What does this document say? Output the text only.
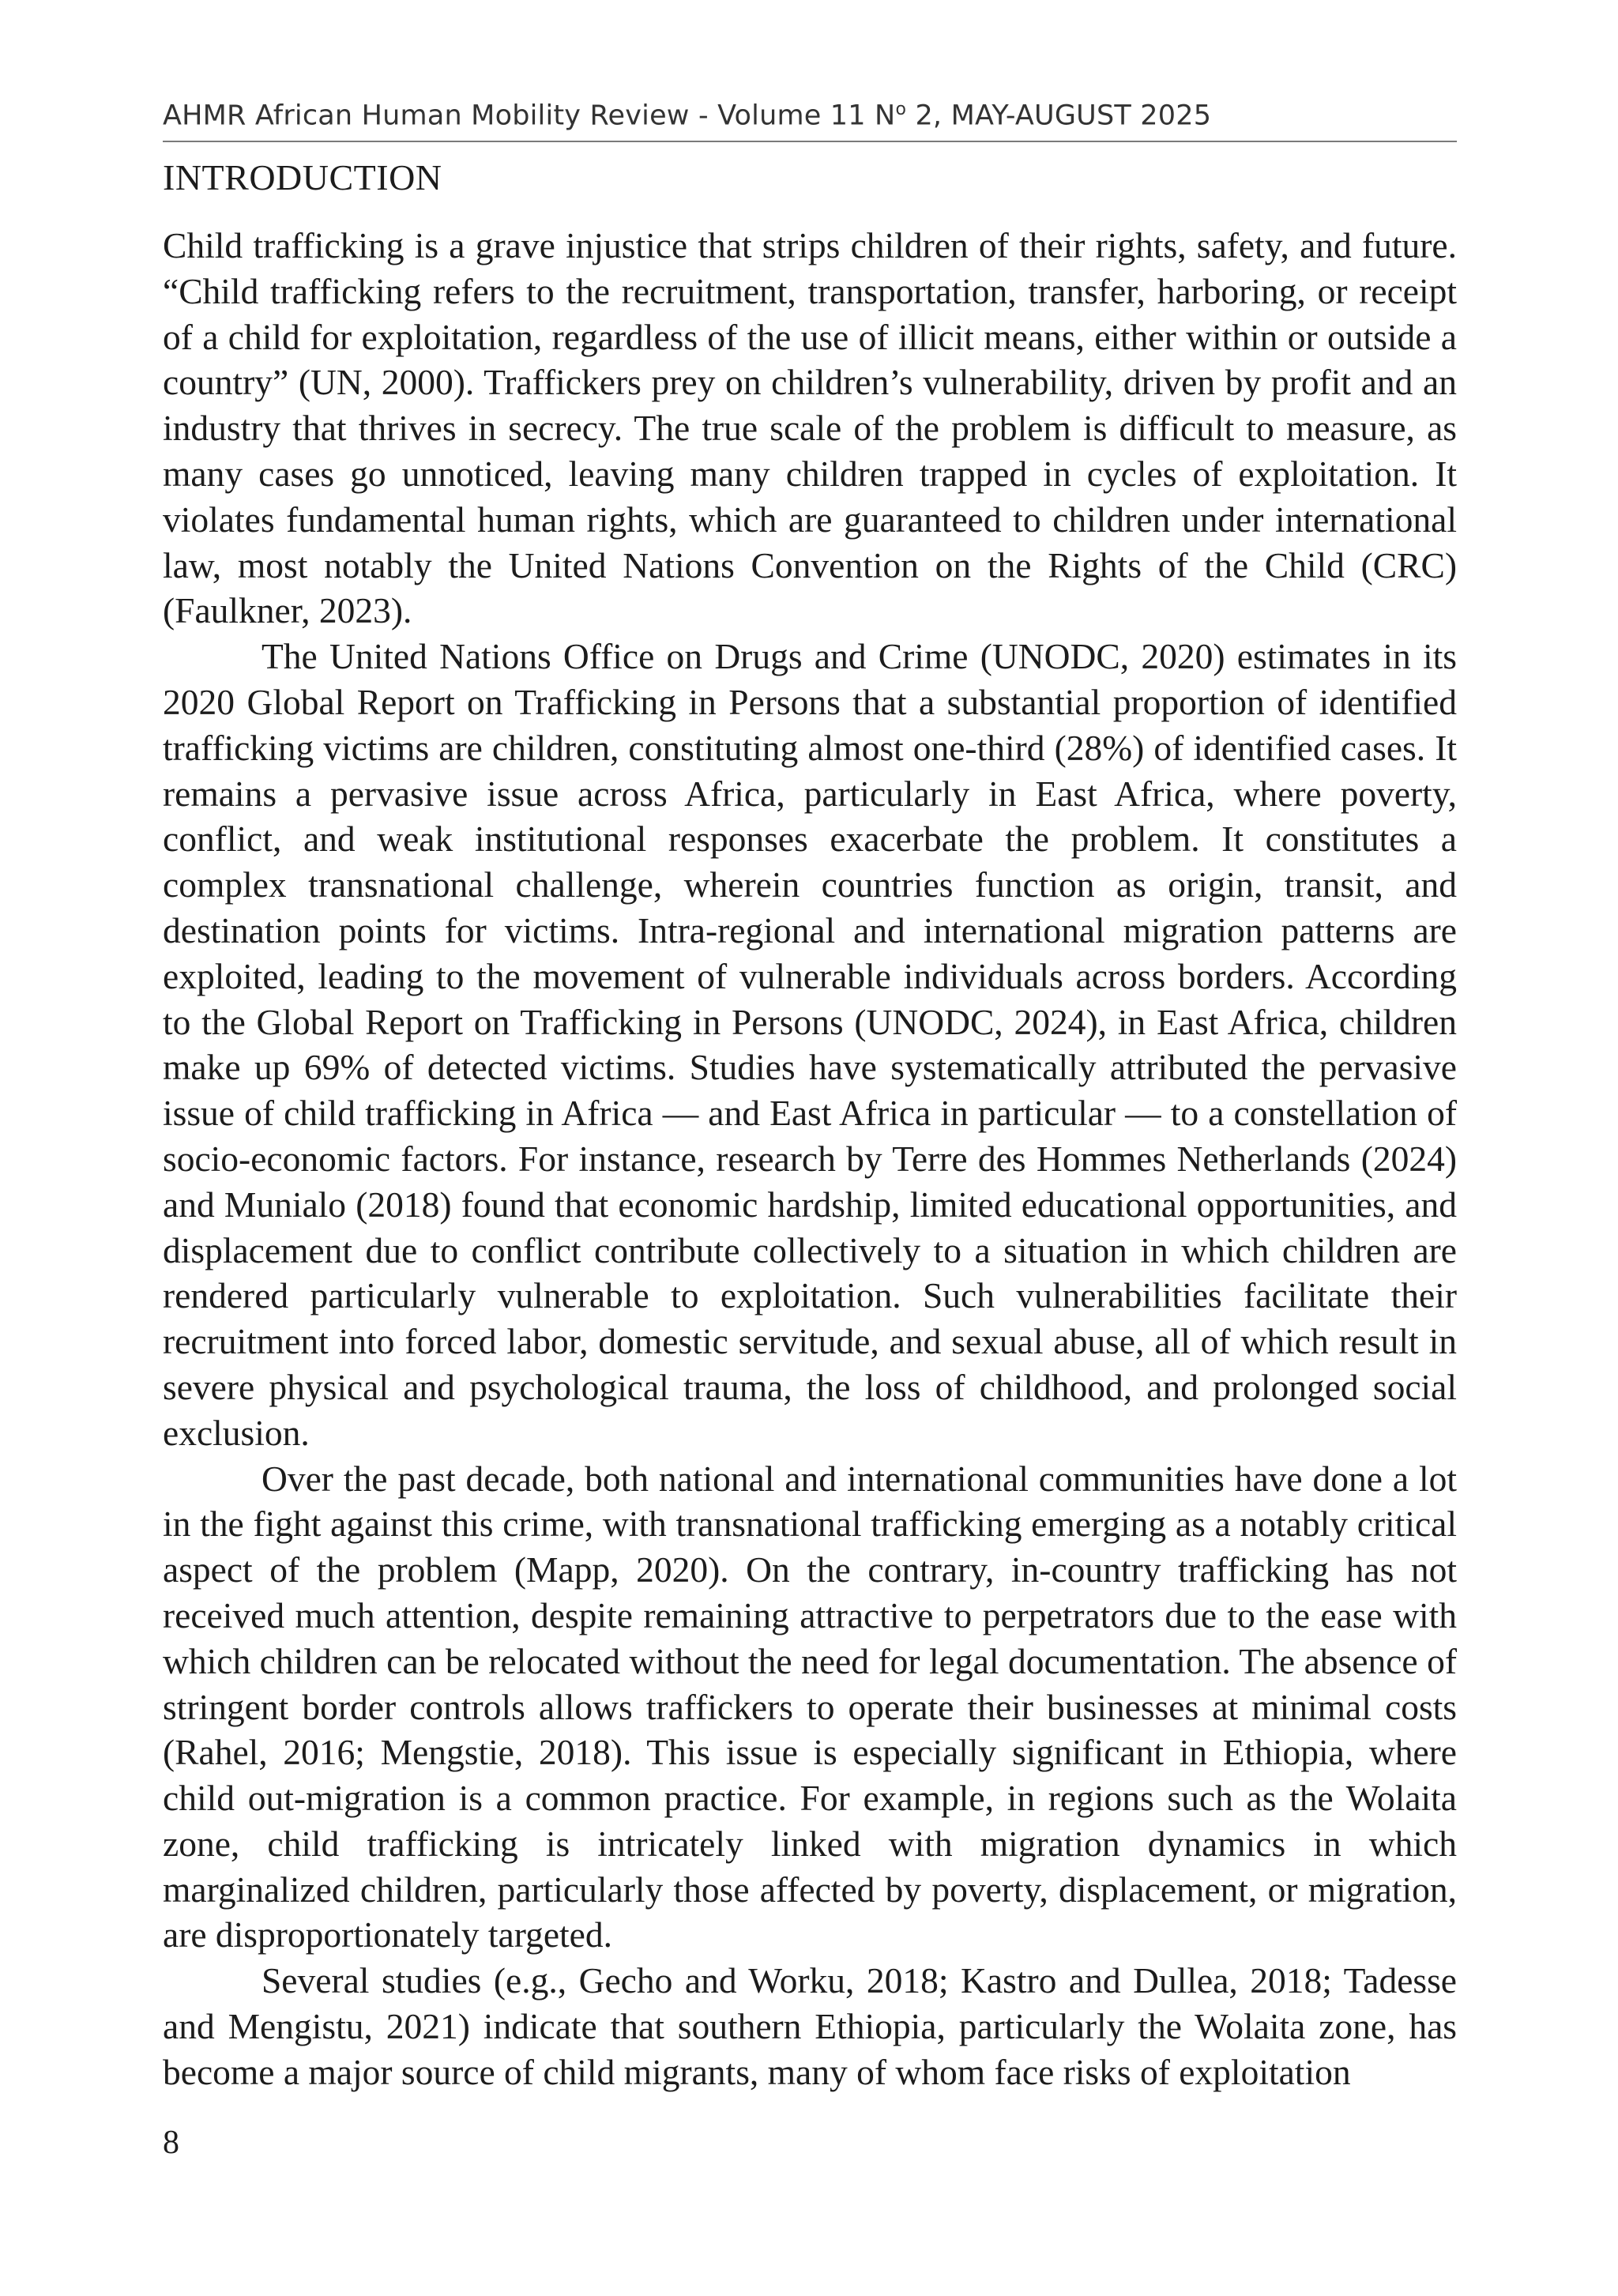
AHMR African Human Mobility Review - Volume 11 $N^o$ 2, MAY-AUGUST 2025
INTRODUCTION

Child trafficking is a grave injustice that strips children of their rights, safety, and future. “Child trafficking refers to the recruitment, transportation, transfer, harboring, or receipt of a child for exploitation, regardless of the use of illicit means, either within or outside a country” (UN, 2000). Traffickers prey on children’s vulnerability, driven by profit and an industry that thrives in secrecy. The true scale of the problem is difficult to measure, as many cases go unnoticed, leaving many children trapped in cycles of exploitation. It violates fundamental human rights, which are guaranteed to children under international law, most notably the United Nations Convention on the Rights of the Child (CRC) (Faulkner, 2023).

The United Nations Office on Drugs and Crime (UNODC, 2020) estimates in its 2020 Global Report on Trafficking in Persons that a substantial proportion of identified trafficking victims are children, constituting almost one-third (28%) of identified cases. It remains a pervasive issue across Africa, particularly in East Africa, where poverty, conflict, and weak institutional responses exacerbate the problem. It constitutes a complex transnational challenge, wherein countries function as origin, transit, and destination points for victims. Intra-regional and international migration patterns are exploited, leading to the movement of vulnerable individuals across borders. According to the Global Report on Trafficking in Persons (UNODC, 2024), in East Africa, children make up 69% of detected victims. Studies have systematically attributed the pervasive issue of child trafficking in Africa — and East Africa in particular — to a constellation of socio-economic factors. For instance, research by Terre des Hommes Netherlands (2024) and Munialo (2018) found that economic hardship, limited educational opportunities, and displacement due to conflict contribute collectively to a situation in which children are rendered particularly vulnerable to exploitation. Such vulnerabilities facilitate their recruitment into forced labor, domestic servitude, and sexual abuse, all of which result in severe physical and psychological trauma, the loss of childhood, and prolonged social exclusion.

Over the past decade, both national and international communities have done a lot in the fight against this crime, with transnational trafficking emerging as a notably critical aspect of the problem (Mapp, 2020). On the contrary, in-country trafficking has not received much attention, despite remaining attractive to perpetrators due to the ease with which children can be relocated without the need for legal documentation. The absence of stringent border controls allows traffickers to operate their businesses at minimal costs (Rahel, 2016; Mengstie, 2018). This issue is especially significant in Ethiopia, where child out-migration is a common practice. For example, in regions such as the Wolaita zone, child trafficking is intricately linked with migration dynamics in which marginalized children, particularly those affected by poverty, displacement, or migration, are disproportionately targeted.

Several studies (e.g., Gecho and Worku, 2018; Kastro and Dullea, 2018; Tadesse and Mengistu, 2021) indicate that southern Ethiopia, particularly the Wolaita zone, has become a major source of child migrants, many of whom face risks of exploitation

8
